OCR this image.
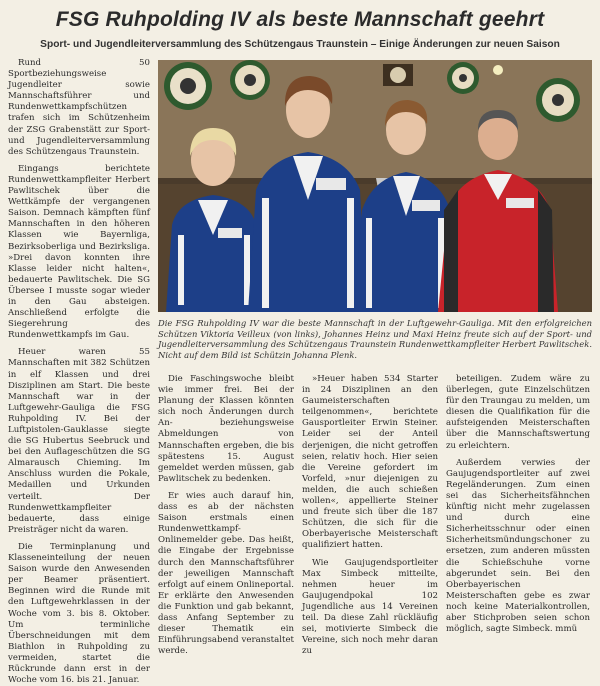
FSG Ruhpolding IV als beste Mannschaft geehrt
Sport- und Jugendleiterversammlung des Schützengaus Traunstein – Einige Änderungen zur neuen Saison

Rund 50 Sportbeziehungsweise Jugendleiter sowie Mannschaftsführer und Rundenwettkampfschützen trafen sich im Schützenheim der ZSG Grabenstätt zur Sport- und Jugendleiterversammlung des Schützengaus Traunstein.

Eingangs berichtete Rundenwettkampfleiter Herbert Pawlitschek über die Wettkämpfe der vergangenen Saison. Demnach kämpften fünf Mannschaften in den höheren Klassen wie Bayernliga, Bezirksoberliga und Bezirksliga. »Drei davon konnten ihre Klasse leider nicht halten«, bedauerte Pawlitschek. Die SG Übersee I musste sogar wieder in den Gau absteigen. Anschließend erfolgte die Siegerehrung des Rundenwettkampfs im Gau.

Heuer waren 55 Mannschaften mit 382 Schützen in elf Klassen und drei Disziplinen am Start. Die beste Mannschaft war in der Luftgewehr-Gauliga die FSG Ruhpolding IV. Bei der Luftpistolen-Gauklasse siegte die SG Hubertus Seebruck und bei den Auflageschützen die SG Almarausch Chieming. Im Anschluss wurden die Pokale, Medaillen und Urkunden verteilt. Der Rundenwettkampfleiter bedauerte, dass einige Preisträger nicht da waren.

Die Terminplanung und Klasseneinteilung der neuen Saison wurde den Anwesenden per Beamer präsentiert. Beginnen wird die Runde mit den Luftgewehrklassen in der Woche vom 3. bis 8. Oktober. Um terminliche Überschneidungen mit dem Biathlon in Ruhpolding zu vermeiden, startet die Rückrunde dann erst in der Woche vom 16. bis 21. Januar.

Die FSG Ruhpolding IV war die beste Mannschaft in der Luftgewehr-Gauliga. Mit den erfolgreichen Schützen Viktoria Veilleux (von links), Johannes Heinz und Maxi Heinz freute sich auf der Sport- und Jugendleiterversammlung des Schützengaus Traunstein Rundenwettkampfleiter Herbert Pawlitschek. Nicht auf dem Bild ist Schützin Johanna Plenk.

Die Faschingswoche bleibt wie immer frei. Bei der Planung der Klassen könnten sich noch Änderungen durch An- beziehungsweise Abmeldungen von Mannschaften ergeben, die bis spätestens 15. August gemeldet werden müssen, gab Pawlitschek zu bedenken.

Er wies auch darauf hin, dass es ab der nächsten Saison erstmals einen Rundenwettkampf-Onlinemelder gebe. Das heißt, die Eingabe der Ergebnisse durch den Mannschaftsführer der jeweiligen Mannschaft erfolgt auf einem Onlineportal. Er erklärte den Anwesenden die Funktion und gab bekannt, dass Anfang September zu dieser Thematik ein Einführungsabend veranstaltet werde.

»Heuer haben 534 Starter in 24 Disziplinen an den Gaumeisterschaften teilgenommen«, berichtete Gausportleiter Erwin Steiner. Leider sei der Anteil derjenigen, die nicht getroffen seien, relativ hoch. Hier seien die Vereine gefordert im Vorfeld, »nur diejenigen zu melden, die auch schießen wollen«, appellierte Steiner und freute sich über die 187 Schützen, die sich für die Oberbayerische Meisterschaft qualifiziert hatten.

Wie Gaujugendsportleiter Max Simbeck mitteilte, nehmen heuer im Gaujugendpokal 102 Jugendliche aus 14 Vereinen teil. Da diese Zahl rückläufig sei, motivierte Simbeck die Vereine, sich noch mehr daran zu

beteiligen. Zudem wäre zu überlegen, gute Einzelschützen für den Traungau zu melden, um diesen die Qualifikation für die aufsteigenden Meisterschaften über die Mannschaftswertung zu erleichtern.

Außerdem verwies der Gaujugendsportleiter auf zwei Regeländerungen. Zum einen sei das Sicherheitsfähnchen künftig nicht mehr zugelassen und durch eine Sicherheitsschnur oder einen Sicherheitsmündungschoner zu ersetzen, zum anderen müssten die Schießschuhe vorne abgerundet sein. Bei den Oberbayerischen Meisterschaften gebe es zwar noch keine Materialkontrollen, aber Stichproben seien schon möglich, sagte Simbeck. mmü
